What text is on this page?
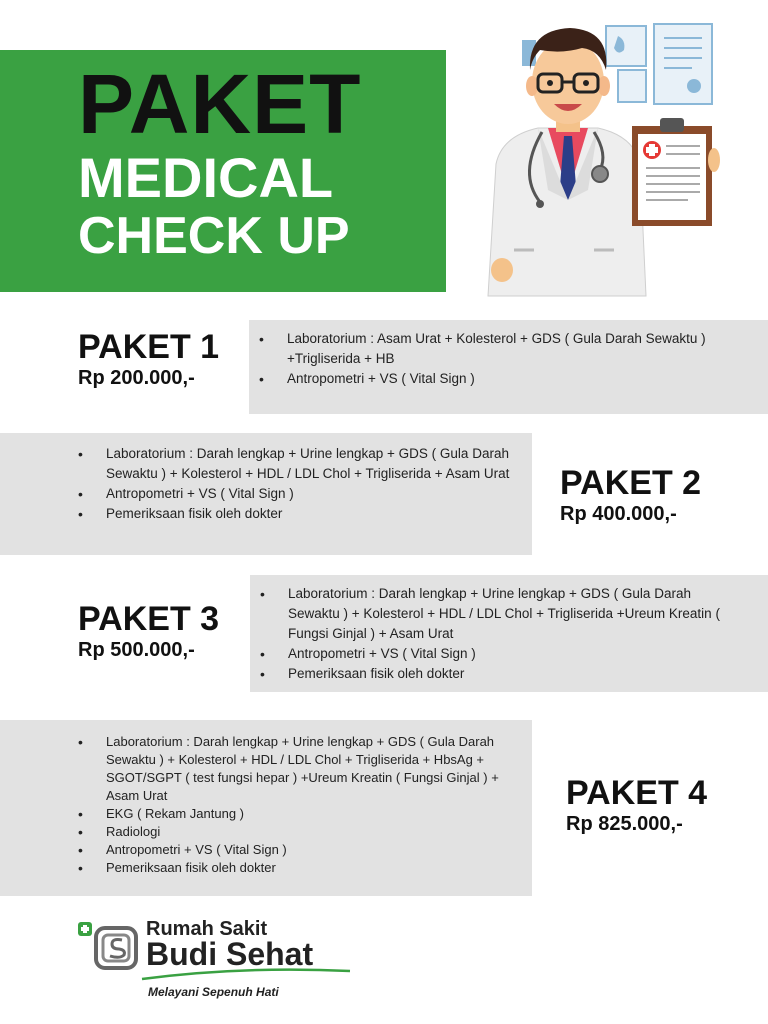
PAKET
MEDICAL
CHECK UP
PAKET 1
Rp 200.000,-
• Laboratorium : Asam Urat + Kolesterol + GDS ( Gula Darah Sewaktu ) +Trigliserida + HB
• Antropometri + VS ( Vital Sign )
• Laboratorium : Darah lengkap + Urine lengkap + GDS ( Gula Darah Sewaktu ) + Kolesterol + HDL / LDL Chol + Trigliserida + Asam Urat
• Antropometri + VS ( Vital Sign )
• Pemeriksaan fisik oleh dokter
PAKET 2
Rp 400.000,-
PAKET 3
Rp 500.000,-
• Laboratorium : Darah lengkap + Urine lengkap + GDS ( Gula Darah Sewaktu ) + Kolesterol + HDL / LDL Chol + Trigliserida +Ureum Kreatin ( Fungsi Ginjal ) + Asam Urat
• Antropometri + VS ( Vital Sign )
• Pemeriksaan fisik oleh dokter
• Laboratorium : Darah lengkap + Urine lengkap + GDS ( Gula Darah Sewaktu ) + Kolesterol + HDL / LDL Chol + Trigliserida + HbsAg + SGOT/SGPT ( test fungsi hepar ) +Ureum Kreatin ( Fungsi Ginjal ) + Asam Urat
• EKG ( Rekam Jantung )
• Radiologi
• Antropometri + VS ( Vital Sign )
• Pemeriksaan fisik oleh dokter
PAKET 4
Rp 825.000,-
Rumah Sakit
Budi Sehat
Melayani Sepenuh Hati
